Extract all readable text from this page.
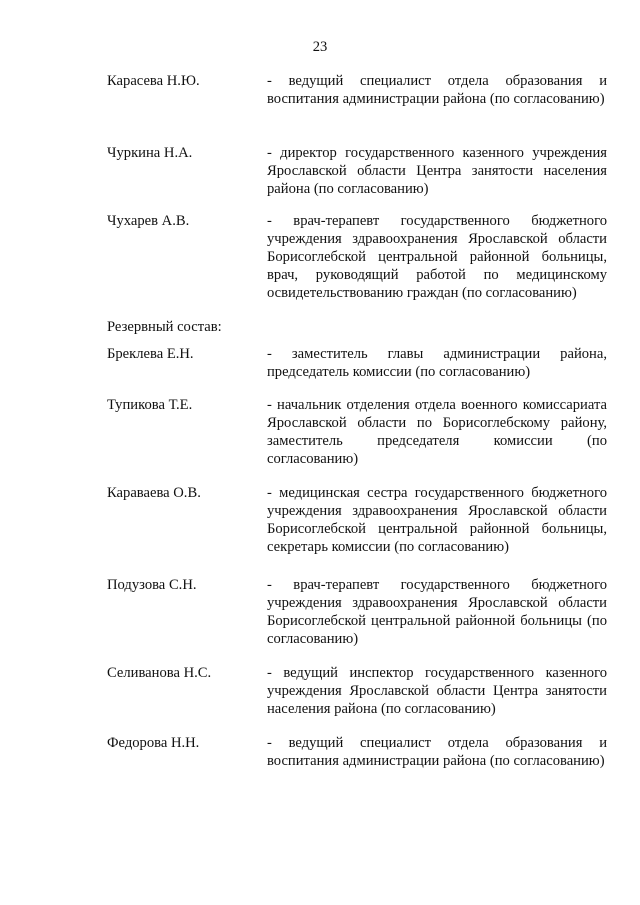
23
Карасева Н.Ю.	- ведущий специалист отдела образования и воспитания администрации района (по согласованию)
Чуркина Н.А.	- директор государственного казенного учреждения Ярославской области Центра занятости населения района (по согласованию)
Чухарев А.В.	- врач-терапевт государственного бюджетного учреждения здравоохранения Ярославской области Борисоглебской центральной районной больницы, врач, руководящий работой по медицинскому освидетельствованию граждан (по согласованию)
Резервный состав:
Бреклева Е.Н.	- заместитель главы администрации района, председатель комиссии (по согласованию)
Тупикова Т.Е.	- начальник отделения отдела военного комиссариата Ярославской области по Борисоглебскому району, заместитель председателя комиссии (по согласованию)
Караваева О.В.	- медицинская сестра государственного бюджетного учреждения здравоохранения Ярославской области Борисоглебской центральной районной больницы, секретарь комиссии (по согласованию)
Подузова С.Н.	- врач-терапевт государственного бюджетного учреждения здравоохранения Ярославской области Борисоглебской центральной районной больницы (по согласованию)
Селиванова Н.С.	- ведущий инспектор государственного казенного учреждения Ярославской области Центра занятости населения района (по согласованию)
Федорова Н.Н.	- ведущий специалист отдела образования и воспитания администрации района (по согласованию)
